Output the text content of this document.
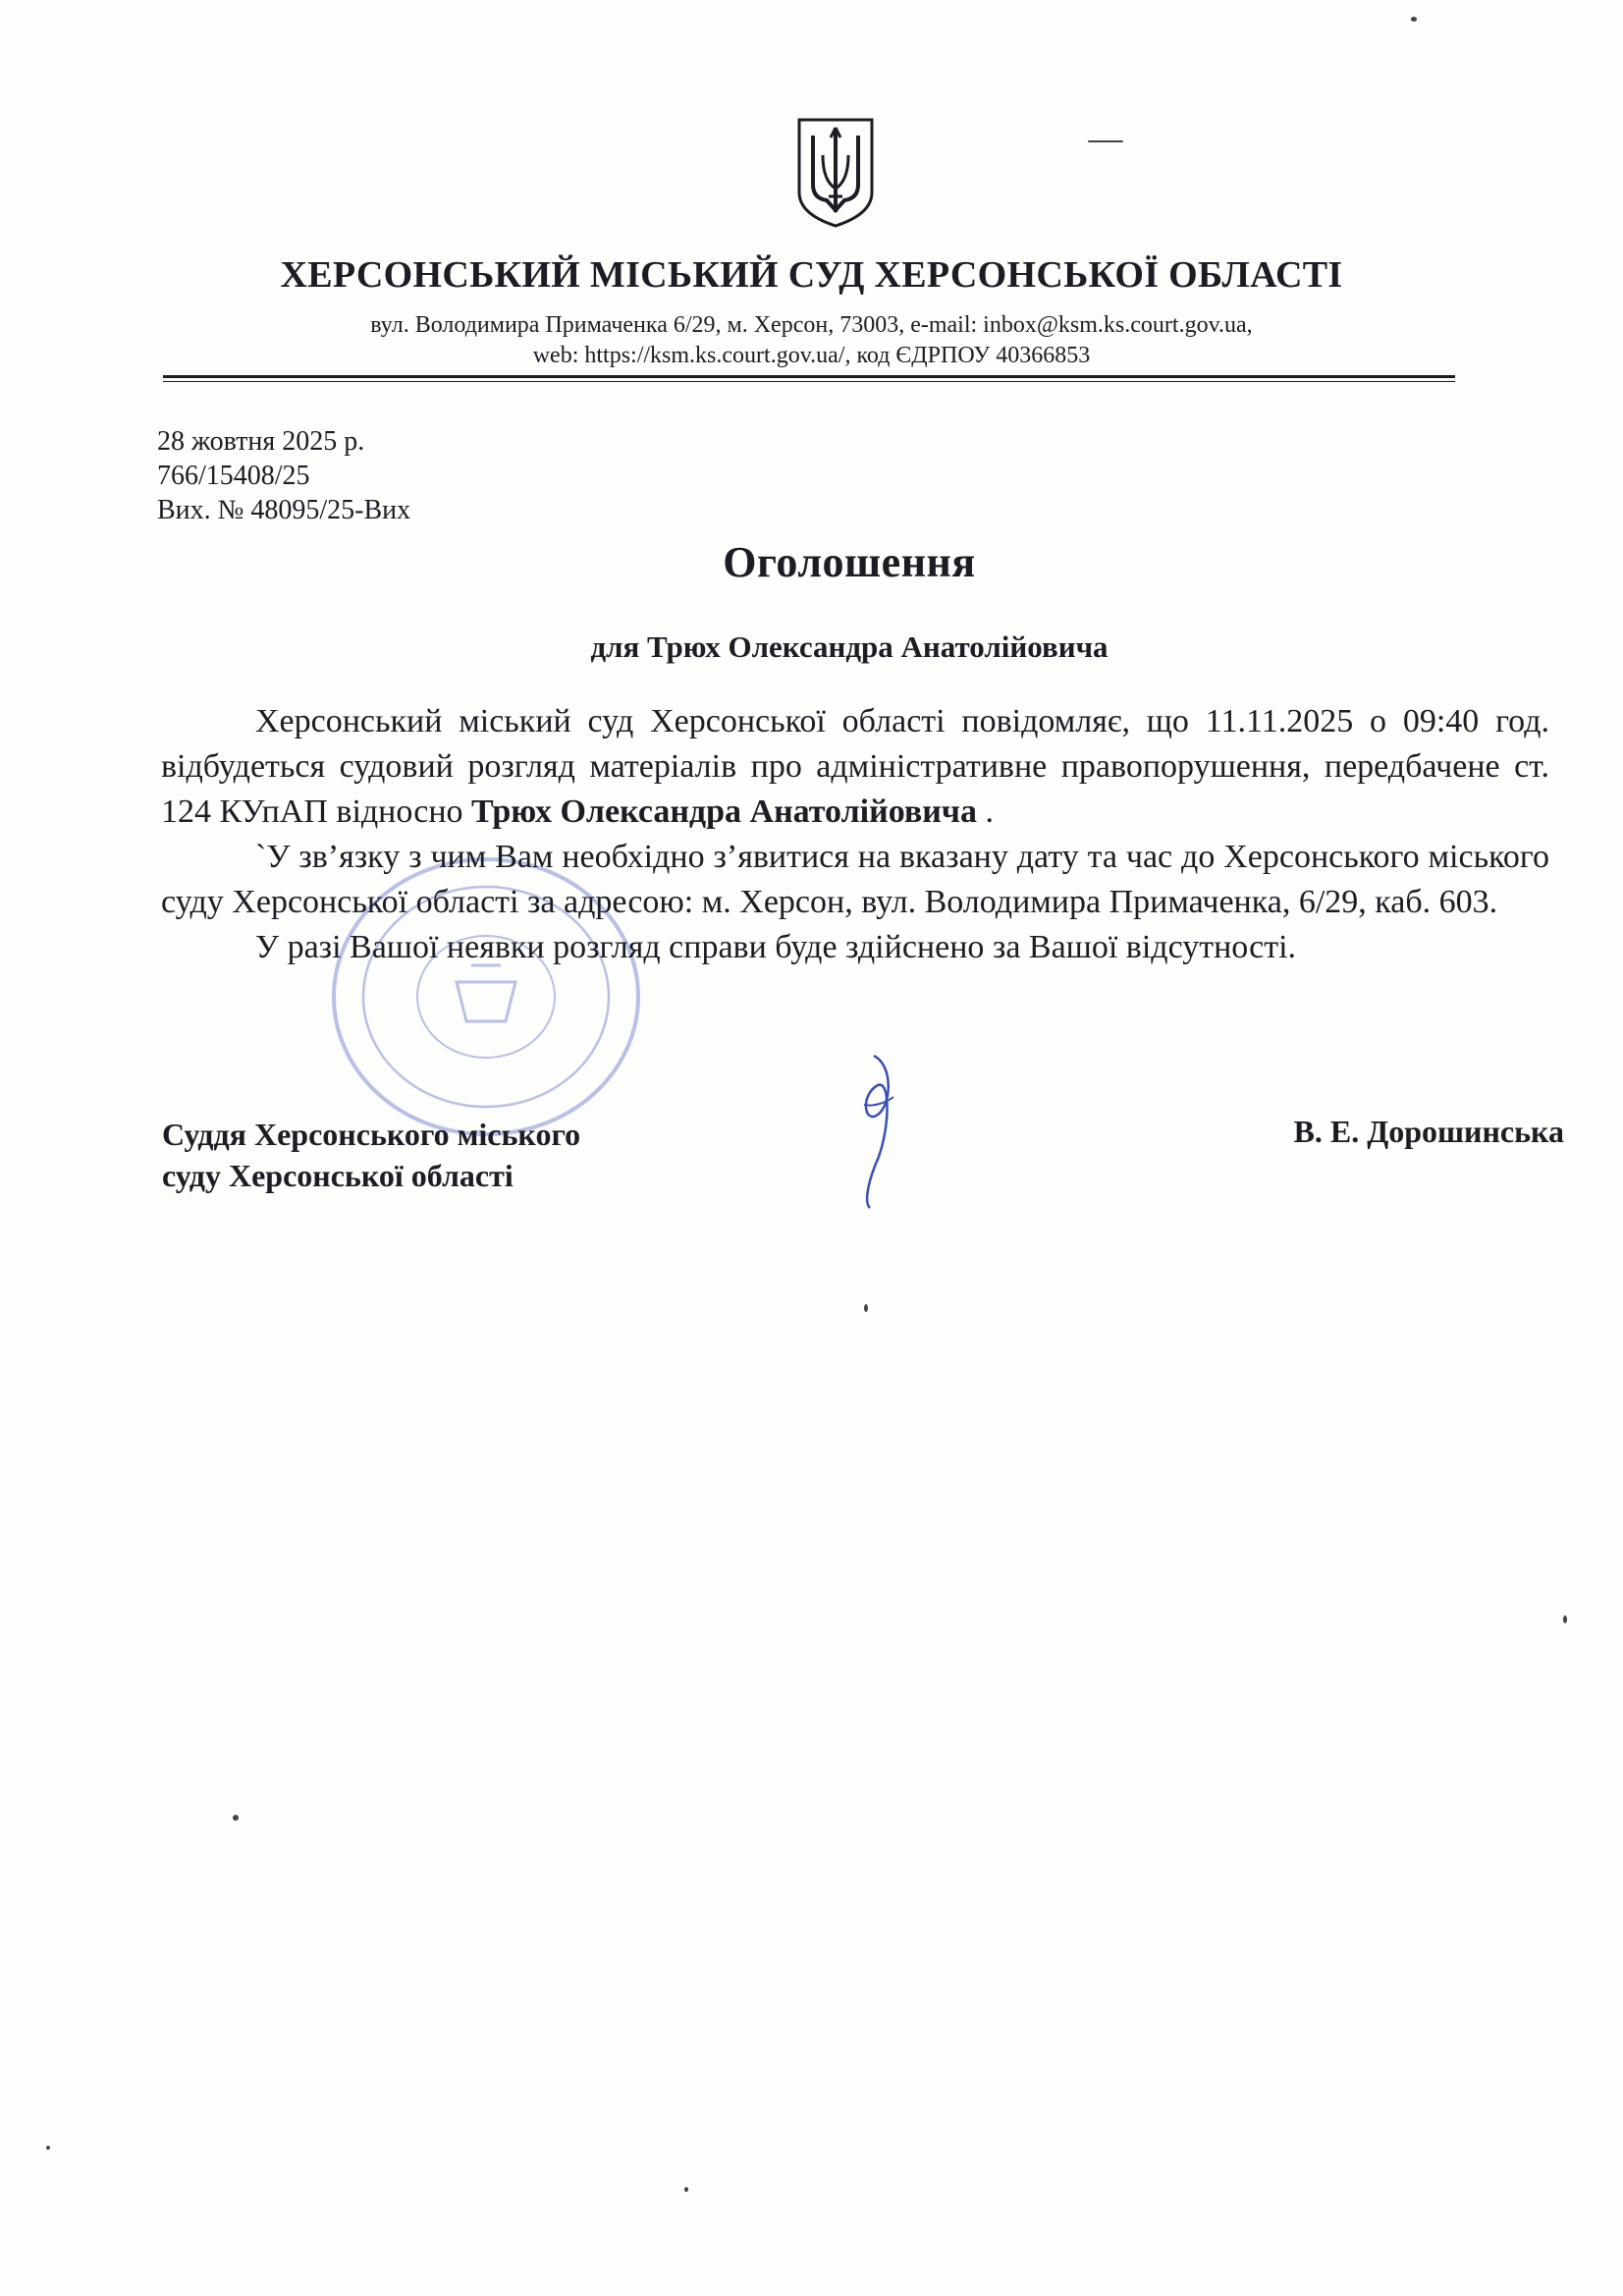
ХЕРСОНСЬКИЙ МІСЬКИЙ СУД ХЕРСОНСЬКОЇ ОБЛАСТІ
вул. Володимира Примаченка 6/29, м. Херсон, 73003, e-mail: inbox@ksm.ks.court.gov.ua,
web: https://ksm.ks.court.gov.ua/, код ЄДРПОУ 40366853
28 жовтня 2025 р.
766/15408/25
Вих. № 48095/25-Вих
Оголошення
для Трюх Олександра Анатолійовича

Херсонський міський суд Херсонської області повідомляє, що 11.11.2025 о 09:40 год. відбудеться судовий розгляд матеріалів про адміністративне правопорушення, передбачене ст. 124 КУпАП відносно Трюх Олександра Анатолійовича .

`У зв’язку з чим Вам необхідно з’явитися на вказану дату та час до Херсонського міського суду Херсонської області за адресою: м. Херсон, вул. Володимира Примаченка, 6/29, каб. 603.

У разі Вашої неявки розгляд справи буде здійснено за Вашої відсутності.

Суддя Херсонського міського
суду Херсонської області
В. Е. Дорошинська
